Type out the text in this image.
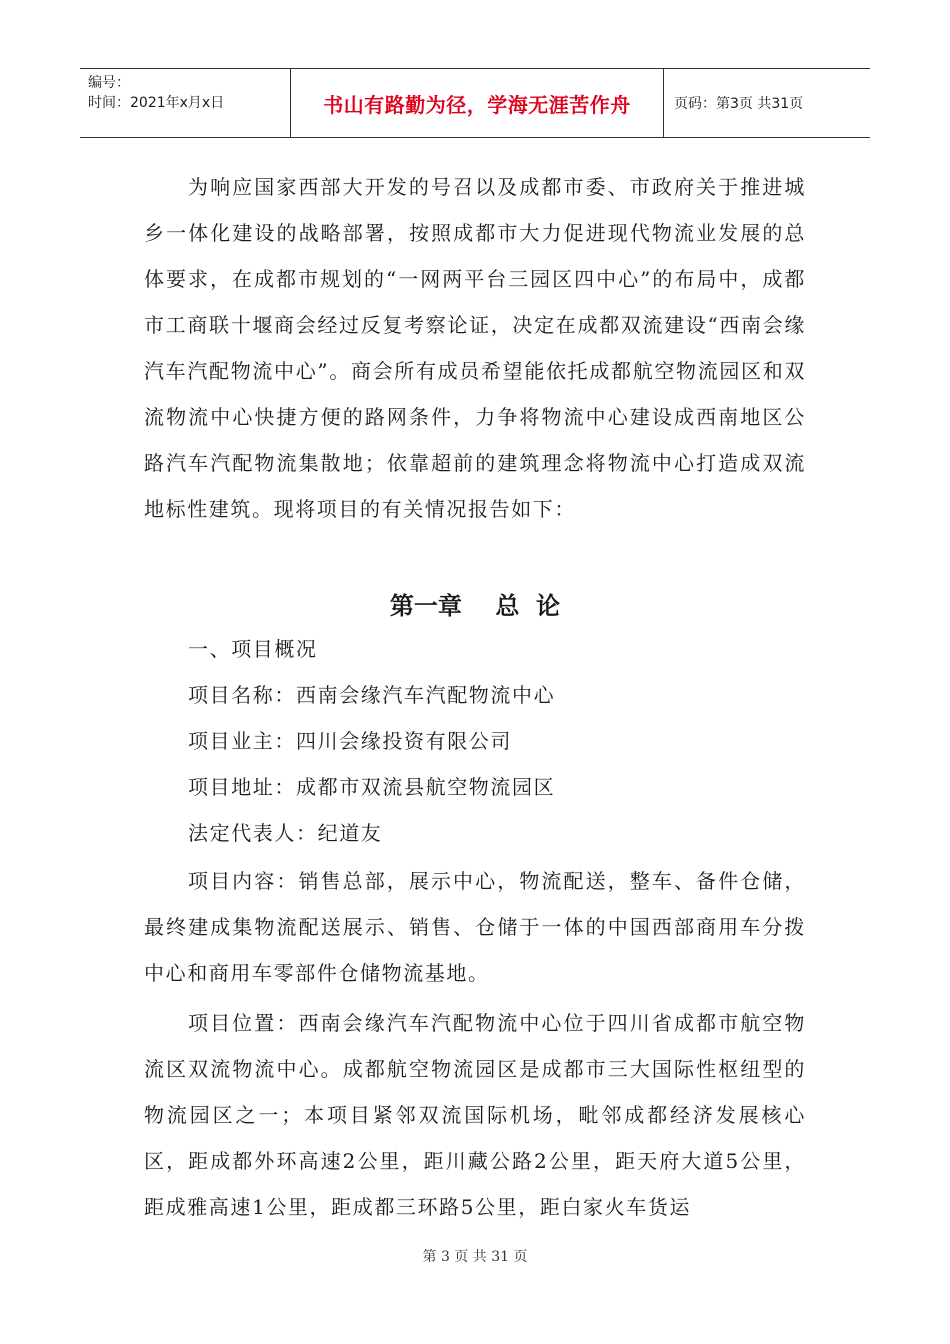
编号：
时间：2021年x月x日	书山有路勤为径，学海无涯苦作舟	页码：第3页 共31页

为响应国家西部大开发的号召以及成都市委、市政府关于推进城乡一体化建设的战略部署，按照成都市大力促进现代物流业发展的总体要求，在成都市规划的“一网两平台三园区四中心”的布局中，成都市工商联十堰商会经过反复考察论证，决定在成都双流建设“西南会缘汽车汽配物流中心”。商会所有成员希望能依托成都航空物流园区和双流物流中心快捷方便的路网条件，力争将物流中心建设成西南地区公路汽车汽配物流集散地；依靠超前的建筑理念将物流中心打造成双流地标性建筑。现将项目的有关情况报告如下：

第一章    总  论

一、项目概况

项目名称：西南会缘汽车汽配物流中心

项目业主：四川会缘投资有限公司

项目地址：成都市双流县航空物流园区

法定代表人：纪道友

项目内容：销售总部，展示中心，物流配送，整车、备件仓储，最终建成集物流配送展示、销售、仓储于一体的中国西部商用车分拨中心和商用车零部件仓储物流基地。

项目位置：西南会缘汽车汽配物流中心位于四川省成都市航空物流区双流物流中心。成都航空物流园区是成都市三大国际性枢纽型的物流园区之一；本项目紧邻双流国际机场，毗邻成都经济发展核心区，距成都外环高速2公里，距川藏公路2公里，距天府大道5公里，距成雅高速1公里，距成都三环路5公里，距白家火车货运

第 3 页 共 31 页
